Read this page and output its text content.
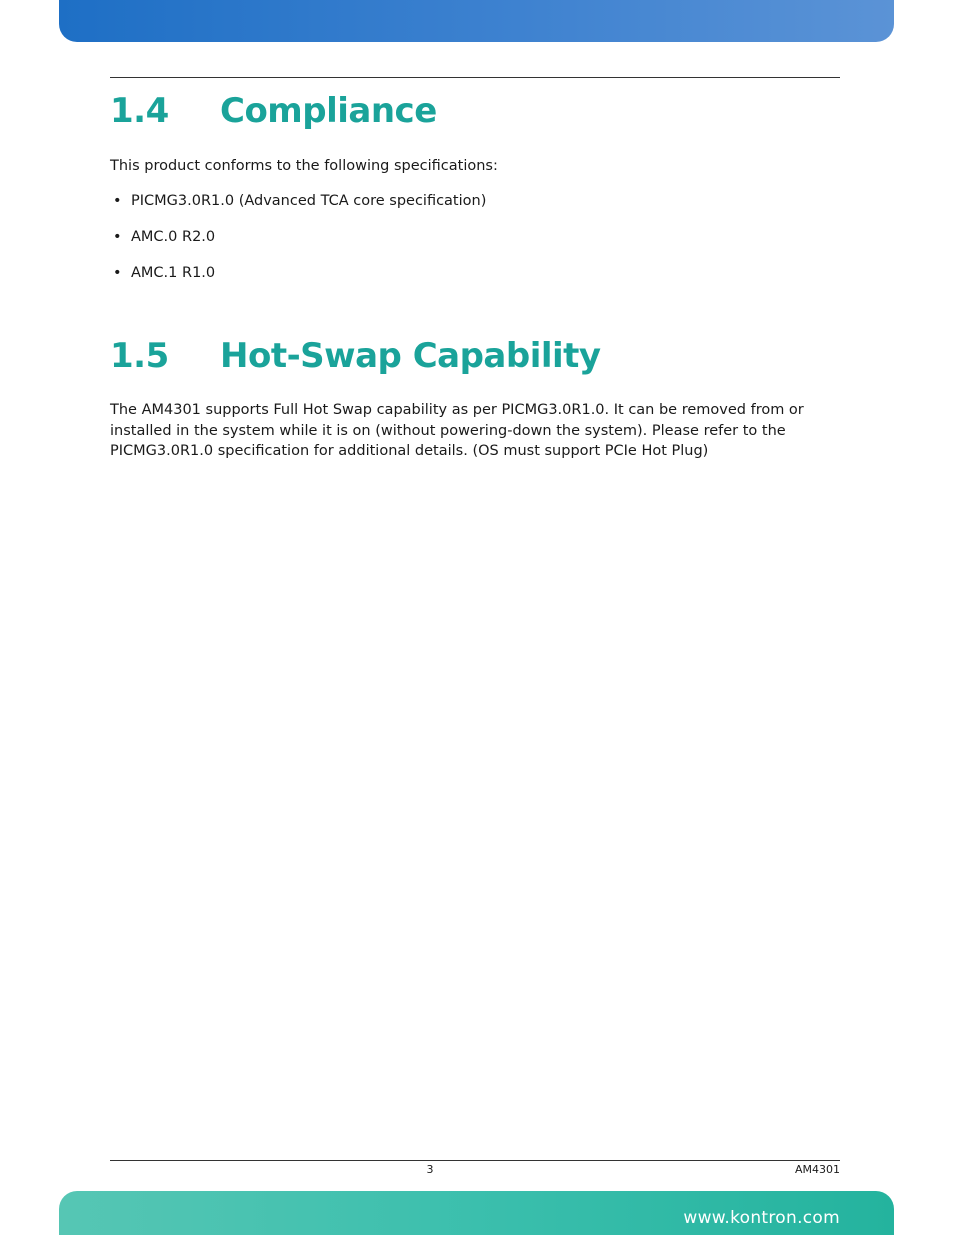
1.4 Compliance

This product conforms to the following specifications:

• PICMG3.0R1.0 (Advanced TCA core specification)
• AMC.0 R2.0
• AMC.1 R1.0
1.5 Hot-Swap Capability

The AM4301 supports Full Hot Swap capability as per PICMG3.0R1.0. It can be removed from or installed in the system while it is on (without powering-down the system). Please refer to the PICMG3.0R1.0 specification for additional details. (OS must support PCIe Hot Plug)

3	AM4301
www.kontron.com
